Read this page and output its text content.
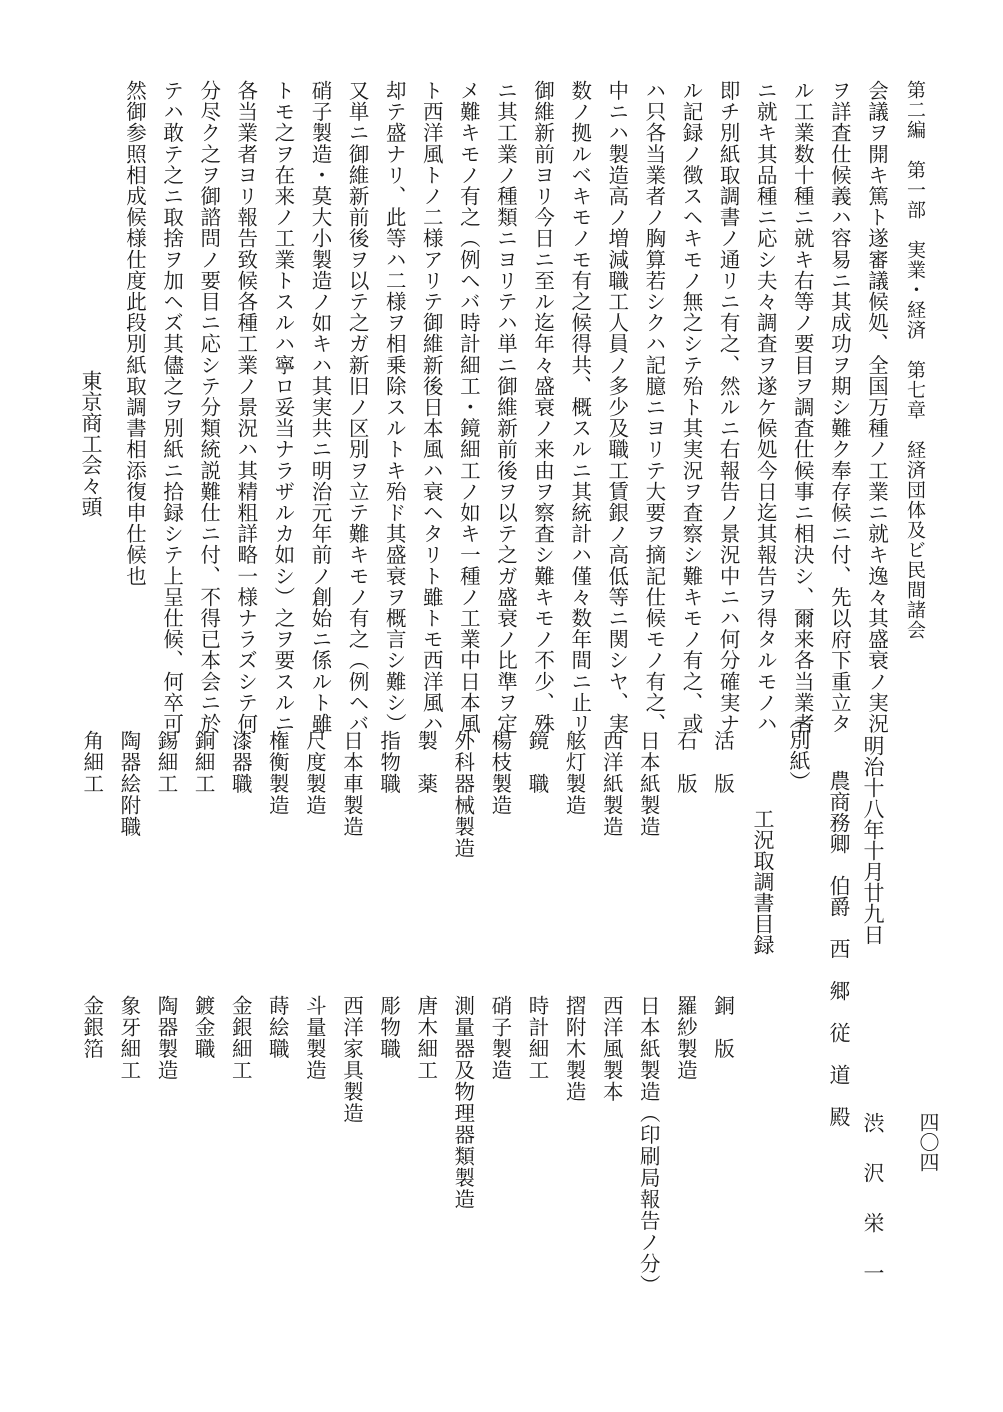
第二編　第一部　実業・経済　第七章　経済団体及ビ民間諸会
四〇四
会議ヲ開キ篤ト遂審議候処、全国万種ノ工業ニ就キ逸々其盛衰ノ実況
ヲ詳査仕候義ハ容易ニ其成功ヲ期シ難ク奉存候ニ付、先以府下重立タ
ル工業数十種ニ就キ右等ノ要目ヲ調査仕候事ニ相決シ、爾来各当業者
ニ就キ其品種ニ応シ夫々調査ヲ遂ケ候処今日迄其報告ヲ得タルモノハ
即チ別紙取調書ノ通リニ有之、然ルニ右報告ノ景況中ニハ何分確実ナ
ル記録ノ徴スヘキモノ無之シテ殆ト其実況ヲ査察シ難キモノ有之、或
ハ只各当業者ノ胸算若シクハ記臆ニヨリテ大要ヲ摘記仕候モノ有之、
中ニハ製造高ノ増減職工人員ノ多少及職工賃銀ノ高低等ニ関シヤ、実
数ノ拠ルベキモノモ有之候得共、概スルニ其統計ハ僅々数年間ニ止リ
御維新前ヨリ今日ニ至ル迄年々盛衰ノ来由ヲ察査シ難キモノ不少、殊
ニ其工業ノ種類ニヨリテハ単ニ御維新前後ヲ以テ之ガ盛衰ノ比準ヲ定
メ難キモノ有之（例ヘバ時計細工・鏡細工ノ如キ一種ノ工業中日本風
ト西洋風トノ二様アリテ御維新後日本風ハ衰ヘタリト雖トモ西洋風ハ
却テ盛ナリ、此等ハ二様ヲ相乗除スルトキ殆ド其盛衰ヲ概言シ難シ）
又単ニ御維新前後ヲ以テ之ガ新旧ノ区別ヲ立テ難キモノ有之（例ヘバ
硝子製造・莫大小製造ノ如キハ其実共ニ明治元年前ノ創始ニ係ルト雖
トモ之ヲ在来ノ工業トスルハ寧ロ妥当ナラザルカ如シ）之ヲ要スルニ
各当業者ヨリ報告致候各種工業ノ景況ハ其精粗詳略一様ナラズシテ何
分尽ク之ヲ御諮問ノ要目ニ応シテ分類統説難仕ニ付、不得已本会ニ於
テハ敢テ之ニ取捨ヲ加ヘズ其儘之ヲ別紙ニ拾録シテ上呈仕候、何卒可
然御参照相成候様仕度此段別紙取調書相添復申仕候也
東京商工会々頭
明治十八年十月廿九日
農商務卿　伯爵　西　郷　従　道　殿
渋　沢　栄　一
（別紙）
工況取調書目録
活　版
石　版
日本紙製造
西洋紙製造
舷灯製造
鏡　職
楊枝製造
外科器械製造
製　薬
指物職
日本車製造
尺度製造
権衡製造
漆器職
銅細工
錫細工
陶器絵附職
角細工
銅　版
羅紗製造
日本紙製造（印刷局報告ノ分）
西洋風製本
摺附木製造
時計細工
硝子製造
測量器及物理器類製造
唐木細工
彫物職
西洋家具製造
斗量製造
蒔絵職
金銀細工
鍍金職
陶器製造
象牙細工
金銀箔
